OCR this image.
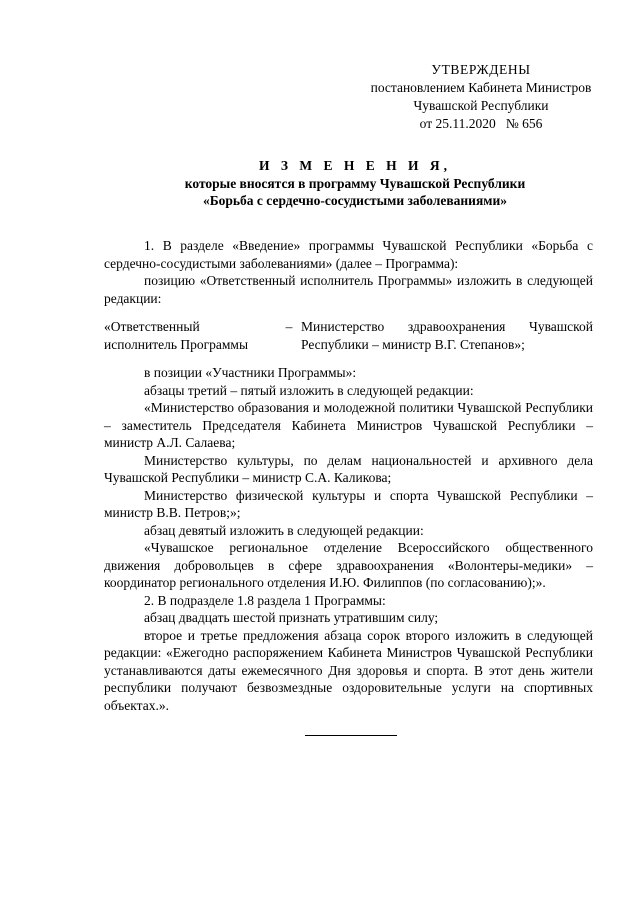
УТВЕРЖДЕНЫ
постановлением Кабинета Министров
Чувашской Республики
от 25.11.2020   № 656
И З М Е Н Е Н И Я,
которые вносятся в программу Чувашской Республики
«Борьба с сердечно-сосудистыми заболеваниями»

1. В разделе «Введение» программы Чувашской Республики «Борьба с сердечно-сосудистыми заболеваниями» (далее – Программа):

позицию «Ответственный исполнитель Программы» изложить в следующей редакции:

«Ответственный исполнитель Программы
– Министерство здравоохранения Чувашской Республики – министр В.Г. Степанов»;

в позиции «Участники Программы»:

абзацы третий – пятый изложить в следующей редакции:

«Министерство образования и молодежной политики Чувашской Республики – заместитель Председателя Кабинета Министров Чувашской Республики – министр А.Л. Салаева;

Министерство культуры, по делам национальностей и архивного дела Чувашской Республики – министр С.А. Каликова;

Министерство физической культуры и спорта Чувашской Республики – министр В.В. Петров;»;

абзац девятый изложить в следующей редакции:

«Чувашское региональное отделение Всероссийского общественного движения добровольцев в сфере здравоохранения «Волонтеры-медики» – координатор регионального отделения И.Ю. Филиппов (по согласованию);».

2. В подразделе 1.8 раздела 1 Программы:

абзац двадцать шестой признать утратившим силу;

второе и третье предложения абзаца сорок второго изложить в следующей редакции: «Ежегодно распоряжением Кабинета Министров Чувашской Республики устанавливаются даты ежемесячного Дня здоровья и спорта. В этот день жители республики получают безвозмездные оздоровительные услуги на спортивных объектах.».
